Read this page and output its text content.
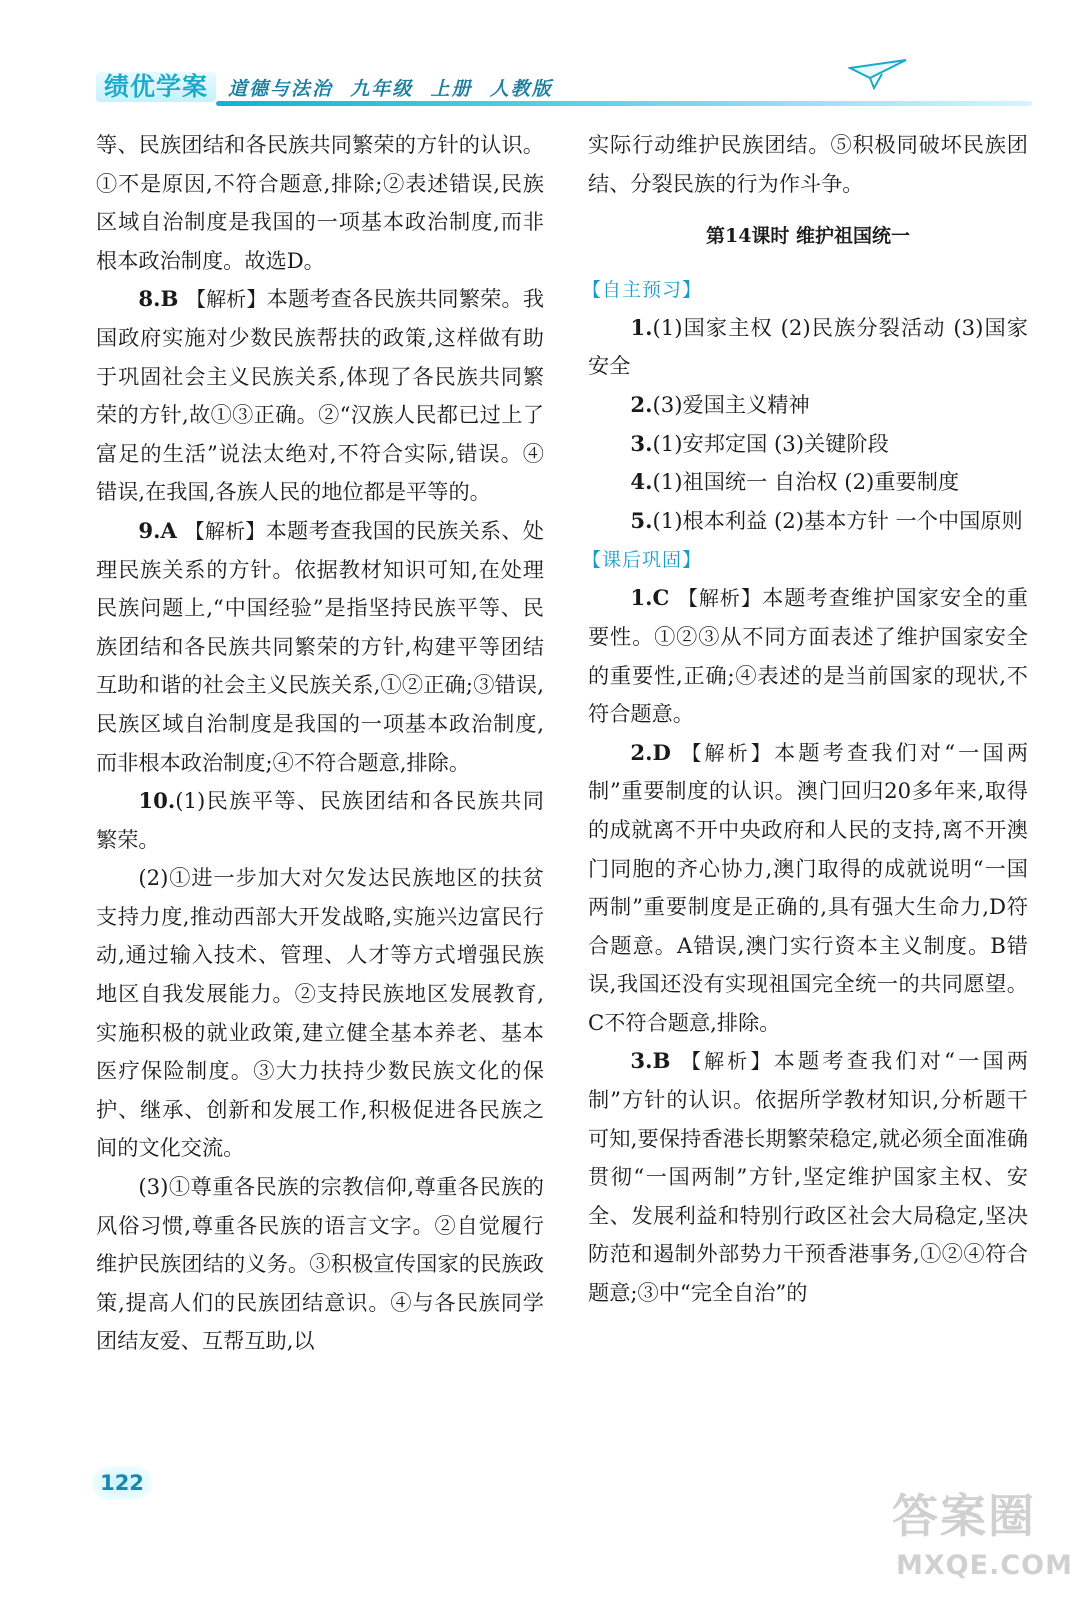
绩优学案	道德与法治  九年级  上册  人教版

等、民族团结和各民族共同繁荣的方针的认识。①不是原因,不符合题意,排除;②表述错误,民族区域自治制度是我国的一项基本政治制度,而非根本政治制度。故选D。

8.B 【解析】本题考查各民族共同繁荣。我国政府实施对少数民族帮扶的政策,这样做有助于巩固社会主义民族关系,体现了各民族共同繁荣的方针,故①③正确。②“汉族人民都已过上了富足的生活”说法太绝对,不符合实际,错误。④错误,在我国,各族人民的地位都是平等的。

9.A 【解析】本题考查我国的民族关系、处理民族关系的方针。依据教材知识可知,在处理民族问题上,“中国经验”是指坚持民族平等、民族团结和各民族共同繁荣的方针,构建平等团结互助和谐的社会主义民族关系,①②正确;③错误,民族区域自治制度是我国的一项基本政治制度,而非根本政治制度;④不符合题意,排除。

10.(1)民族平等、民族团结和各民族共同繁荣。

(2)①进一步加大对欠发达民族地区的扶贫支持力度,推动西部大开发战略,实施兴边富民行动,通过输入技术、管理、人才等方式增强民族地区自我发展能力。②支持民族地区发展教育,实施积极的就业政策,建立健全基本养老、基本医疗保险制度。③大力扶持少数民族文化的保护、继承、创新和发展工作,积极促进各民族之间的文化交流。

(3)①尊重各民族的宗教信仰,尊重各民族的风俗习惯,尊重各民族的语言文字。②自觉履行维护民族团结的义务。③积极宣传国家的民族政策,提高人们的民族团结意识。④与各民族同学团结友爱、互帮互助,以

实际行动维护民族团结。⑤积极同破坏民族团结、分裂民族的行为作斗争。

第14课时 维护祖国统一

【自主预习】

1.(1)国家主权 (2)民族分裂活动 (3)国家安全

2.(3)爱国主义精神

3.(1)安邦定国 (3)关键阶段

4.(1)祖国统一 自治权 (2)重要制度

5.(1)根本利益 (2)基本方针 一个中国原则

【课后巩固】

1.C 【解析】本题考查维护国家安全的重要性。①②③从不同方面表述了维护国家安全的重要性,正确;④表述的是当前国家的现状,不符合题意。

2.D 【解析】本题考查我们对“一国两制”重要制度的认识。澳门回归20多年来,取得的成就离不开中央政府和人民的支持,离不开澳门同胞的齐心协力,澳门取得的成就说明“一国两制”重要制度是正确的,具有强大生命力,D符合题意。A错误,澳门实行资本主义制度。B错误,我国还没有实现祖国完全统一的共同愿望。C不符合题意,排除。

3.B 【解析】本题考查我们对“一国两制”方针的认识。依据所学教材知识,分析题干可知,要保持香港长期繁荣稳定,就必须全面准确贯彻“一国两制”方针,坚定维护国家主权、安全、发展利益和特别行政区社会大局稳定,坚决防范和遏制外部势力干预香港事务,①②④符合题意;③中“完全自治”的

122
答案圈
MXQE.COM
